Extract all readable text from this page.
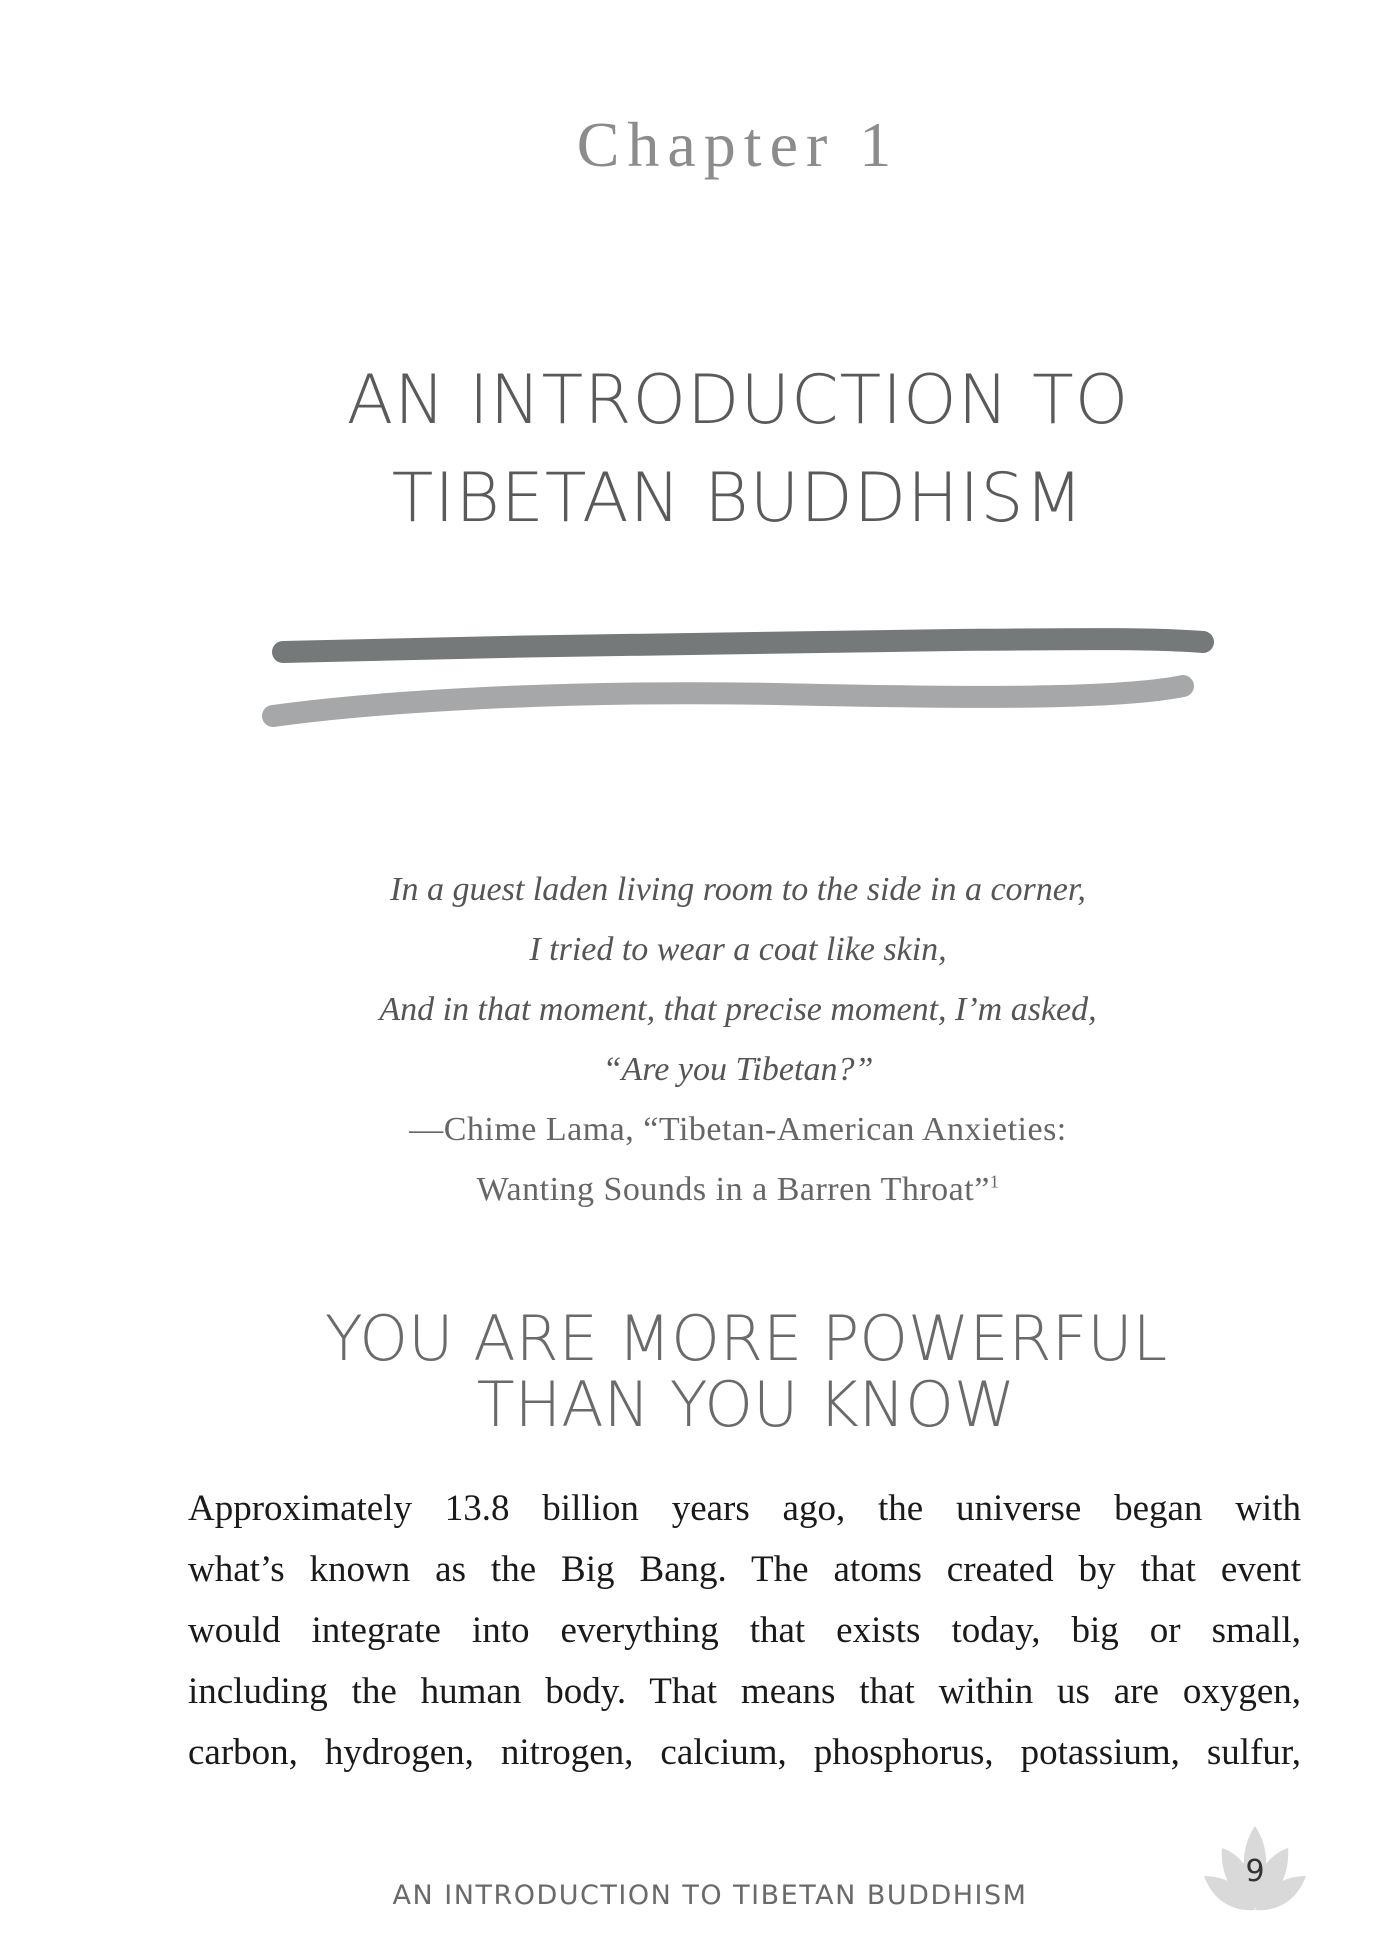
Chapter 1
AN INTRODUCTION TO
TIBETAN BUDDHISM
In a guest laden living room to the side in a corner,
I tried to wear a coat like skin,
And in that moment, that precise moment, I’m asked,
“Are you Tibetan?”
—Chime Lama, “Tibetan-American Anxieties:
Wanting Sounds in a Barren Throat”$^1$
YOU ARE MORE POWERFUL
THAN YOU KNOW

Approximately 13.8 billion years ago, the universe began with

what’s known as the Big Bang. The atoms created by that event

would integrate into everything that exists today, big or small,

including the human body. That means that within us are oxygen,

carbon, hydrogen, nitrogen, calcium, phosphorus, potassium, sulfur,

AN INTRODUCTION TO TIBETAN BUDDHISM
9
